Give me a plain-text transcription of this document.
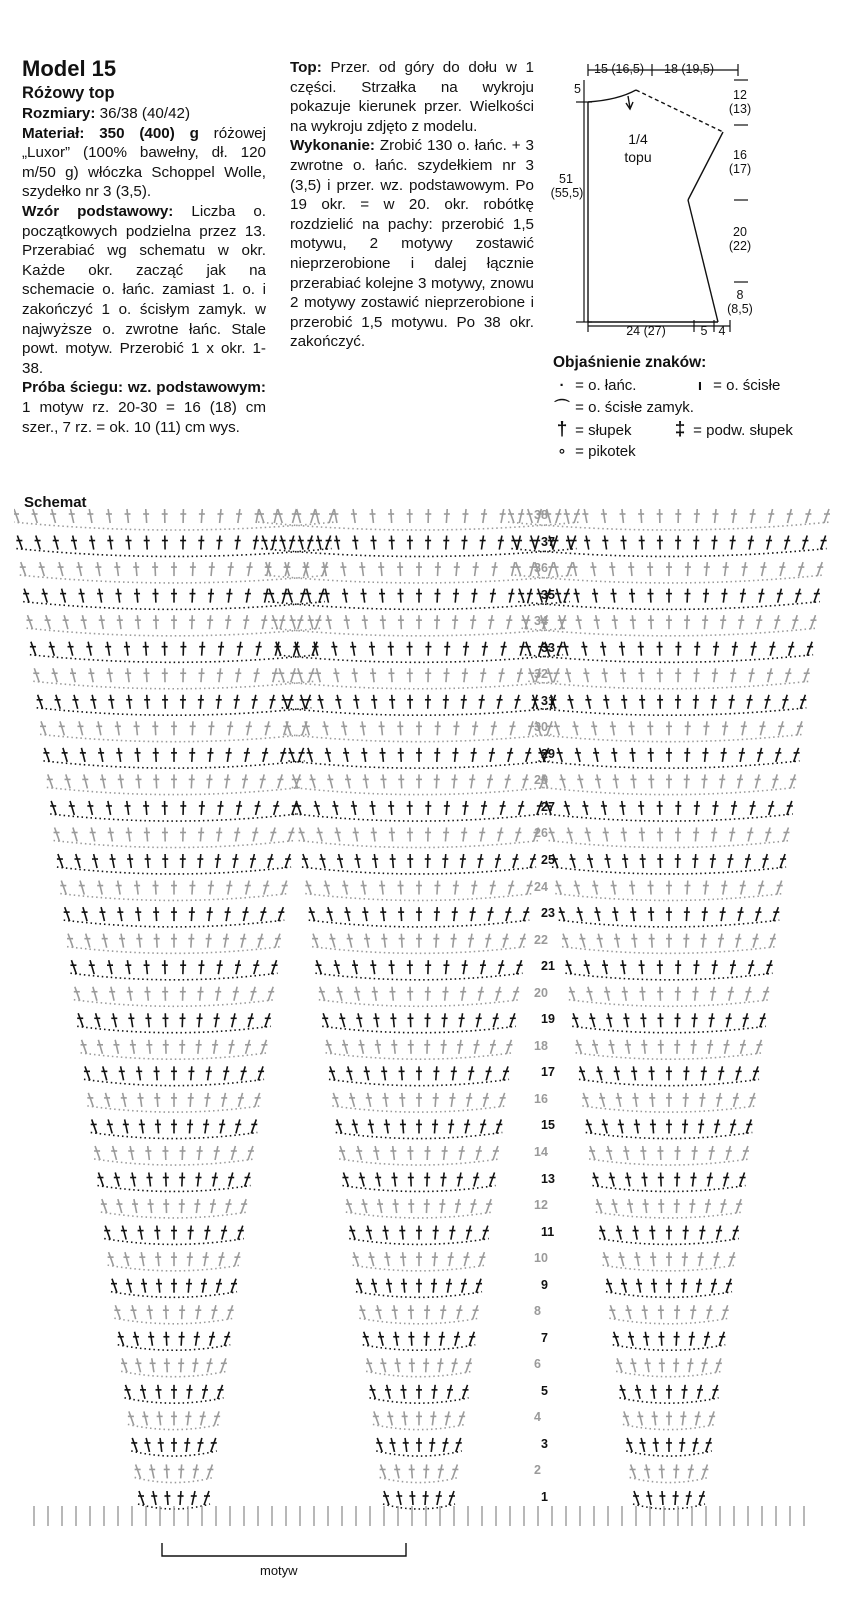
Model 15

Różowy top

Rozmiary: 36/38 (40/42)

Materiał: 350 (400) g różowej „Luxor” (100% bawełny, dł. 120 m/50 g) włóczka Schoppel Wolle, szydełko nr 3 (3,5).

Wzór podstawowy: Liczba o. początkowych podzielna przez 13. Przerabiać wg schematu w okr. Każde okr. zacząć jak na schemacie o. łańc. zamiast 1. o. i zakończyć 1 o. ścisłym zamyk. w najwyższe o. zwrotne łańc. Stale powt. motyw. Przerobić 1 x okr. 1-38.

Próba ściegu: wz. podstawowym: 1 motyw rz. 20-30 = 16 (18) cm szer., 7 rz. = ok. 10 (11) cm wys.

Top: Przer. od góry do dołu w 1 części. Strzałka na wykroju pokazuje kierunek przer. Wielkości na wykroju zdjęto z modelu.

Wykonanie: Zrobić 130 o. łańc. + 3 zwrotne o. łańc. szydełkiem nr 3 (3,5) i przer. wz. podstawowym. Po 19 okr. = w 20. okr. robótkę rozdzielić na pachy: przerobić 1,5 motywu, 2 motywy zostawić nieprzerobione i dalej łącznie przerabiać kolejne 3 motywy, znowu 2 motywy zostawić nieprzerobione i przerobić 1,5 motywu. Po 38 okr. zakończyć.

15 (16,5) 18 (19,5)
5
51
(55,5)
1/4
topu
12
(13)
16
(17)
20
(22)
8
(8,5)
24 (27)	5 4
Objaśnienie znaków:
· = o. łańc.	ı = o. ścisłe
⌒ = o. ścisłe zamyk.
† = słupek ‡ = podw. słupek
∘ = pikotek
Schemat
motyw
38
37
36
35
34
33
32
31
30
29
28
27
26
25
24
23
22
21
20
19
18
17
16
15
14
13
12
11
10
9
8
7
6
5
4
3
2
1
